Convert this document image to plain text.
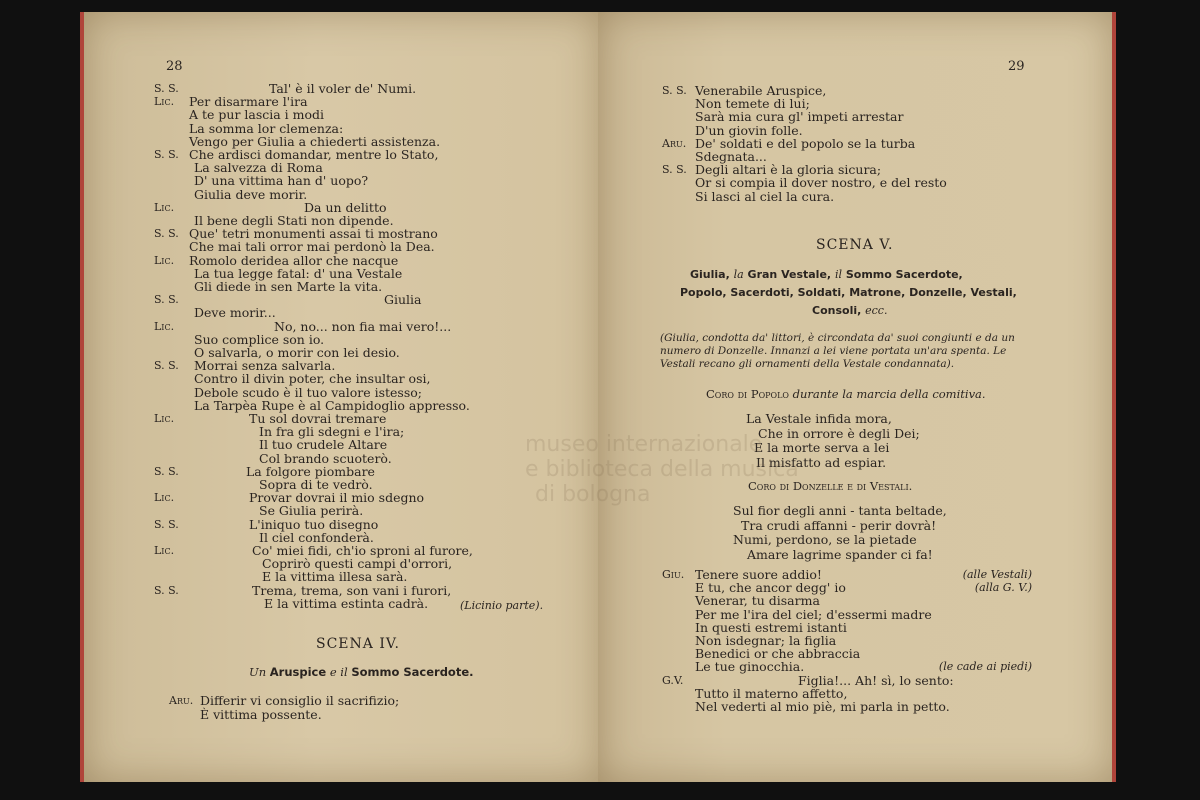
28
S. S.	Tal' è il voler de' Numi.
Lic. Per disarmare l'ira
A te pur lascia i modi
La somma lor clemenza:
Vengo per Giulia a chiederti assistenza.
S. S. Che ardisci domandar, mentre lo Stato,
La salvezza di Roma
D' una vittima han d' uopo?
Giulia deve morir.
Lic.	Da un delitto
Il bene degli Stati non dipende.
S. S. Que' tetri monumenti assai ti mostrano
Che mai tali orror mai perdonò la Dea.
Lic. Romolo deridea allor che nacque
La tua legge fatal: d' una Vestale
Gli diede in sen Marte la vita.
S. S.	Giulia
Deve morir...
Lic.	No, no... non fia mai vero!...
Suo complice son io.
O salvarla, o morir con lei desio.
S. S. Morrai senza salvarla.
Contro il divin poter, che insultar osi,
Debole scudo è il tuo valore istesso;
La Tarpèa Rupe è al Campidoglio appresso.
Lic.	Tu sol dovrai tremare
In fra gli sdegni e l'ira;
Il tuo crudele Altare
Col brando scuoterò.
S. S.	La folgore piombare
Sopra di te vedrò.
Lic.	Provar dovrai il mio sdegno
Se Giulia perirà.
S. S.	L'iniquo tuo disegno
Il ciel confonderà.
Lic.	Co' miei fidi, ch'io sproni al furore,
Coprirò questi campi d'orrori,
E la vittima illesa sarà.
S. S.	Trema, trema, son vani i furori,
E la vittima estinta cadrà.	(Licinio parte).
SCENA IV.
Un Aruspice e il Sommo Sacerdote.
Aru. Differir vi consiglio il sacrifizio;
È vittima possente.
29
S. S. Venerabile Aruspice,
Non temete di lui;
Sarà mia cura gl' impeti arrestar
D'un giovin folle.
Aru. De' soldati e del popolo se la turba
Sdegnata...
S. S. Degli altari è la gloria sicura;
Or si compia il dover nostro, e del resto
Si lasci al ciel la cura.
SCENA V.
Giulia, la Gran Vestale, il Sommo Sacerdote,
Popolo, Sacerdoti, Soldati, Matrone, Donzelle, Vestali,
Consoli, ecc.
(Giulia, condotta da' littori, è circondata da' suoi congiunti e da un
numero di Donzelle. Innanzi a lei viene portata un'ara spenta. Le
Vestali recano gli ornamenti della Vestale condannata).
Coro di Popolo durante la marcia della comitiva.
La Vestale infida mora,
Che in orrore è degli Dei;
E la morte serva a lei
Il misfatto ad espiar.
Coro di Donzelle e di Vestali.
Sul fior degli anni - tanta beltade,
Tra crudi affanni - perir dovrà!
Numi, perdono, se la pietade
Amare lagrime spander ci fa!
Giu. Tenere suore addio!	(alle Vestali)
E tu, che ancor degg' io	(alla G. V.)
Venerar, tu disarma
Per me l'ira del ciel; d'essermi madre
In questi estremi istanti
Non isdegnar; la figlia
Benedici or che abbraccia
Le tue ginocchia.	(le cade ai piedi)
G.V.	Figlia!... Ah! sì, lo sento:
Tutto il materno affetto,
Nel vederti al mio piè, mi parla in petto.
museo internazionale
e biblioteca della musica
di bologna
